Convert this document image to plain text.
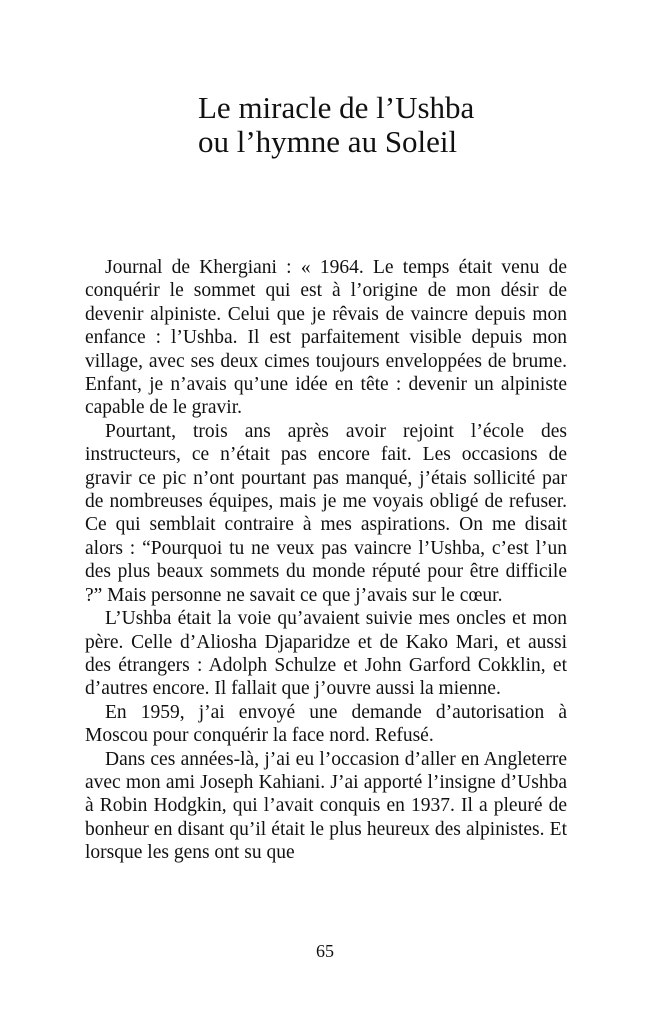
Le miracle de l’Ushba
ou l’hymne au Soleil

Journal de Khergiani : « 1964. Le temps était venu de conquérir le sommet qui est à l’origine de mon désir de devenir alpiniste. Celui que je rêvais de vaincre depuis mon enfance : l’Ushba. Il est parfaitement visible depuis mon village, avec ses deux cimes toujours enveloppées de brume. Enfant, je n’avais qu’une idée en tête : devenir un alpiniste capable de le gravir.

Pourtant, trois ans après avoir rejoint l’école des instructeurs, ce n’était pas encore fait. Les occasions de gravir ce pic n’ont pourtant pas manqué, j’étais sollicité par de nombreuses équipes, mais je me voyais obligé de refuser. Ce qui semblait contraire à mes aspirations. On me disait alors : “Pourquoi tu ne veux pas vaincre l’Ushba, c’est l’un des plus beaux sommets du monde réputé pour être difficile ?” Mais personne ne savait ce que j’avais sur le cœur.

L’Ushba était la voie qu’avaient suivie mes oncles et mon père. Celle d’Aliosha Djaparidze et de Kako Mari, et aussi des étrangers : Adolph Schulze et John Garford Cokklin, et d’autres encore. Il fallait que j’ouvre aussi la mienne.

En 1959, j’ai envoyé une demande d’autorisation à Moscou pour conquérir la face nord. Refusé.

Dans ces années-là, j’ai eu l’occasion d’aller en Angleterre avec mon ami Joseph Kahiani. J’ai apporté l’insigne d’Ushba à Robin Hodgkin, qui l’avait conquis en 1937. Il a pleuré de bonheur en disant qu’il était le plus heureux des alpinistes. Et lorsque les gens ont su que

65
